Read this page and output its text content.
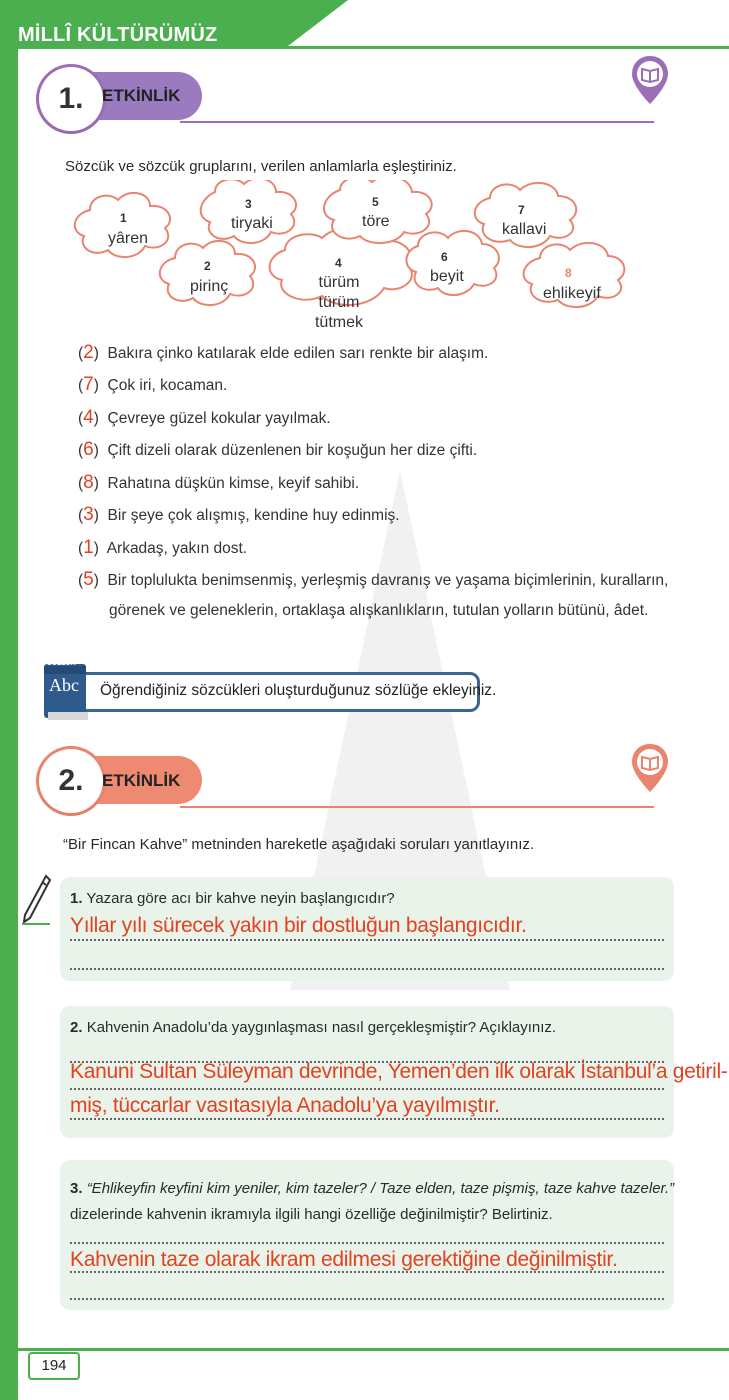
MİLLÎ KÜLTÜRÜMÜZ
1.	ETKİNLİK
Sözcük ve sözcük gruplarını, verilen anlamlarla eşleştiriniz.
1
yâren
2
pirinç
3
tiryaki
4
türüm türüm tütmek
5
töre
6
beyit
7
kallavi
8
ehlikeyif
(2) Bakıra çinko katılarak elde edilen sarı renkte bir alaşım.
(7) Çok iri, kocaman.
(4) Çevreye güzel kokular yayılmak.
(6) Çift dizeli olarak düzenlenen bir koşuğun her dize çifti.
(8) Rahatına düşkün kimse, keyif sahibi.
(3) Bir şeye çok alışmış, kendine huy edinmiş.
(1) Arkadaş, yakın dost.
(5) Bir toplulukta benimsenmiş, yerleşmiş davranış ve yaşama biçimlerinin, kuralların,
görenek ve geleneklerin, ortaklaşa alışkanlıkların, tutulan yolların bütünü, âdet.
SÖZLÜK
Abc Öğrendiğiniz sözcükleri oluşturduğunuz sözlüğe ekleyiniz.
2.	ETKİNLİK
“Bir Fincan Kahve” metninden hareketle aşağıdaki soruları yanıtlayınız.
1. Yazara göre acı bir kahve neyin başlangıcıdır?
Yıllar yılı sürecek yakın bir dostluğun başlangıcıdır.
2. Kahvenin Anadolu’da yaygınlaşması nasıl gerçekleşmiştir? Açıklayınız.
Kanuni Sultan Süleyman devrinde, Yemen’den ilk olarak İstanbul’a getiril-
miş, tüccarlar vasıtasıyla Anadolu’ya yayılmıştır.
3. “Ehlikeyfin keyfini kim yeniler, kim tazeler? / Taze elden, taze pişmiş, taze kahve tazeler.”
dizelerinde kahvenin ikramıyla ilgili hangi özelliğe değinilmiştir? Belirtiniz.
Kahvenin taze olarak ikram edilmesi gerektiğine değinilmiştir.
194
